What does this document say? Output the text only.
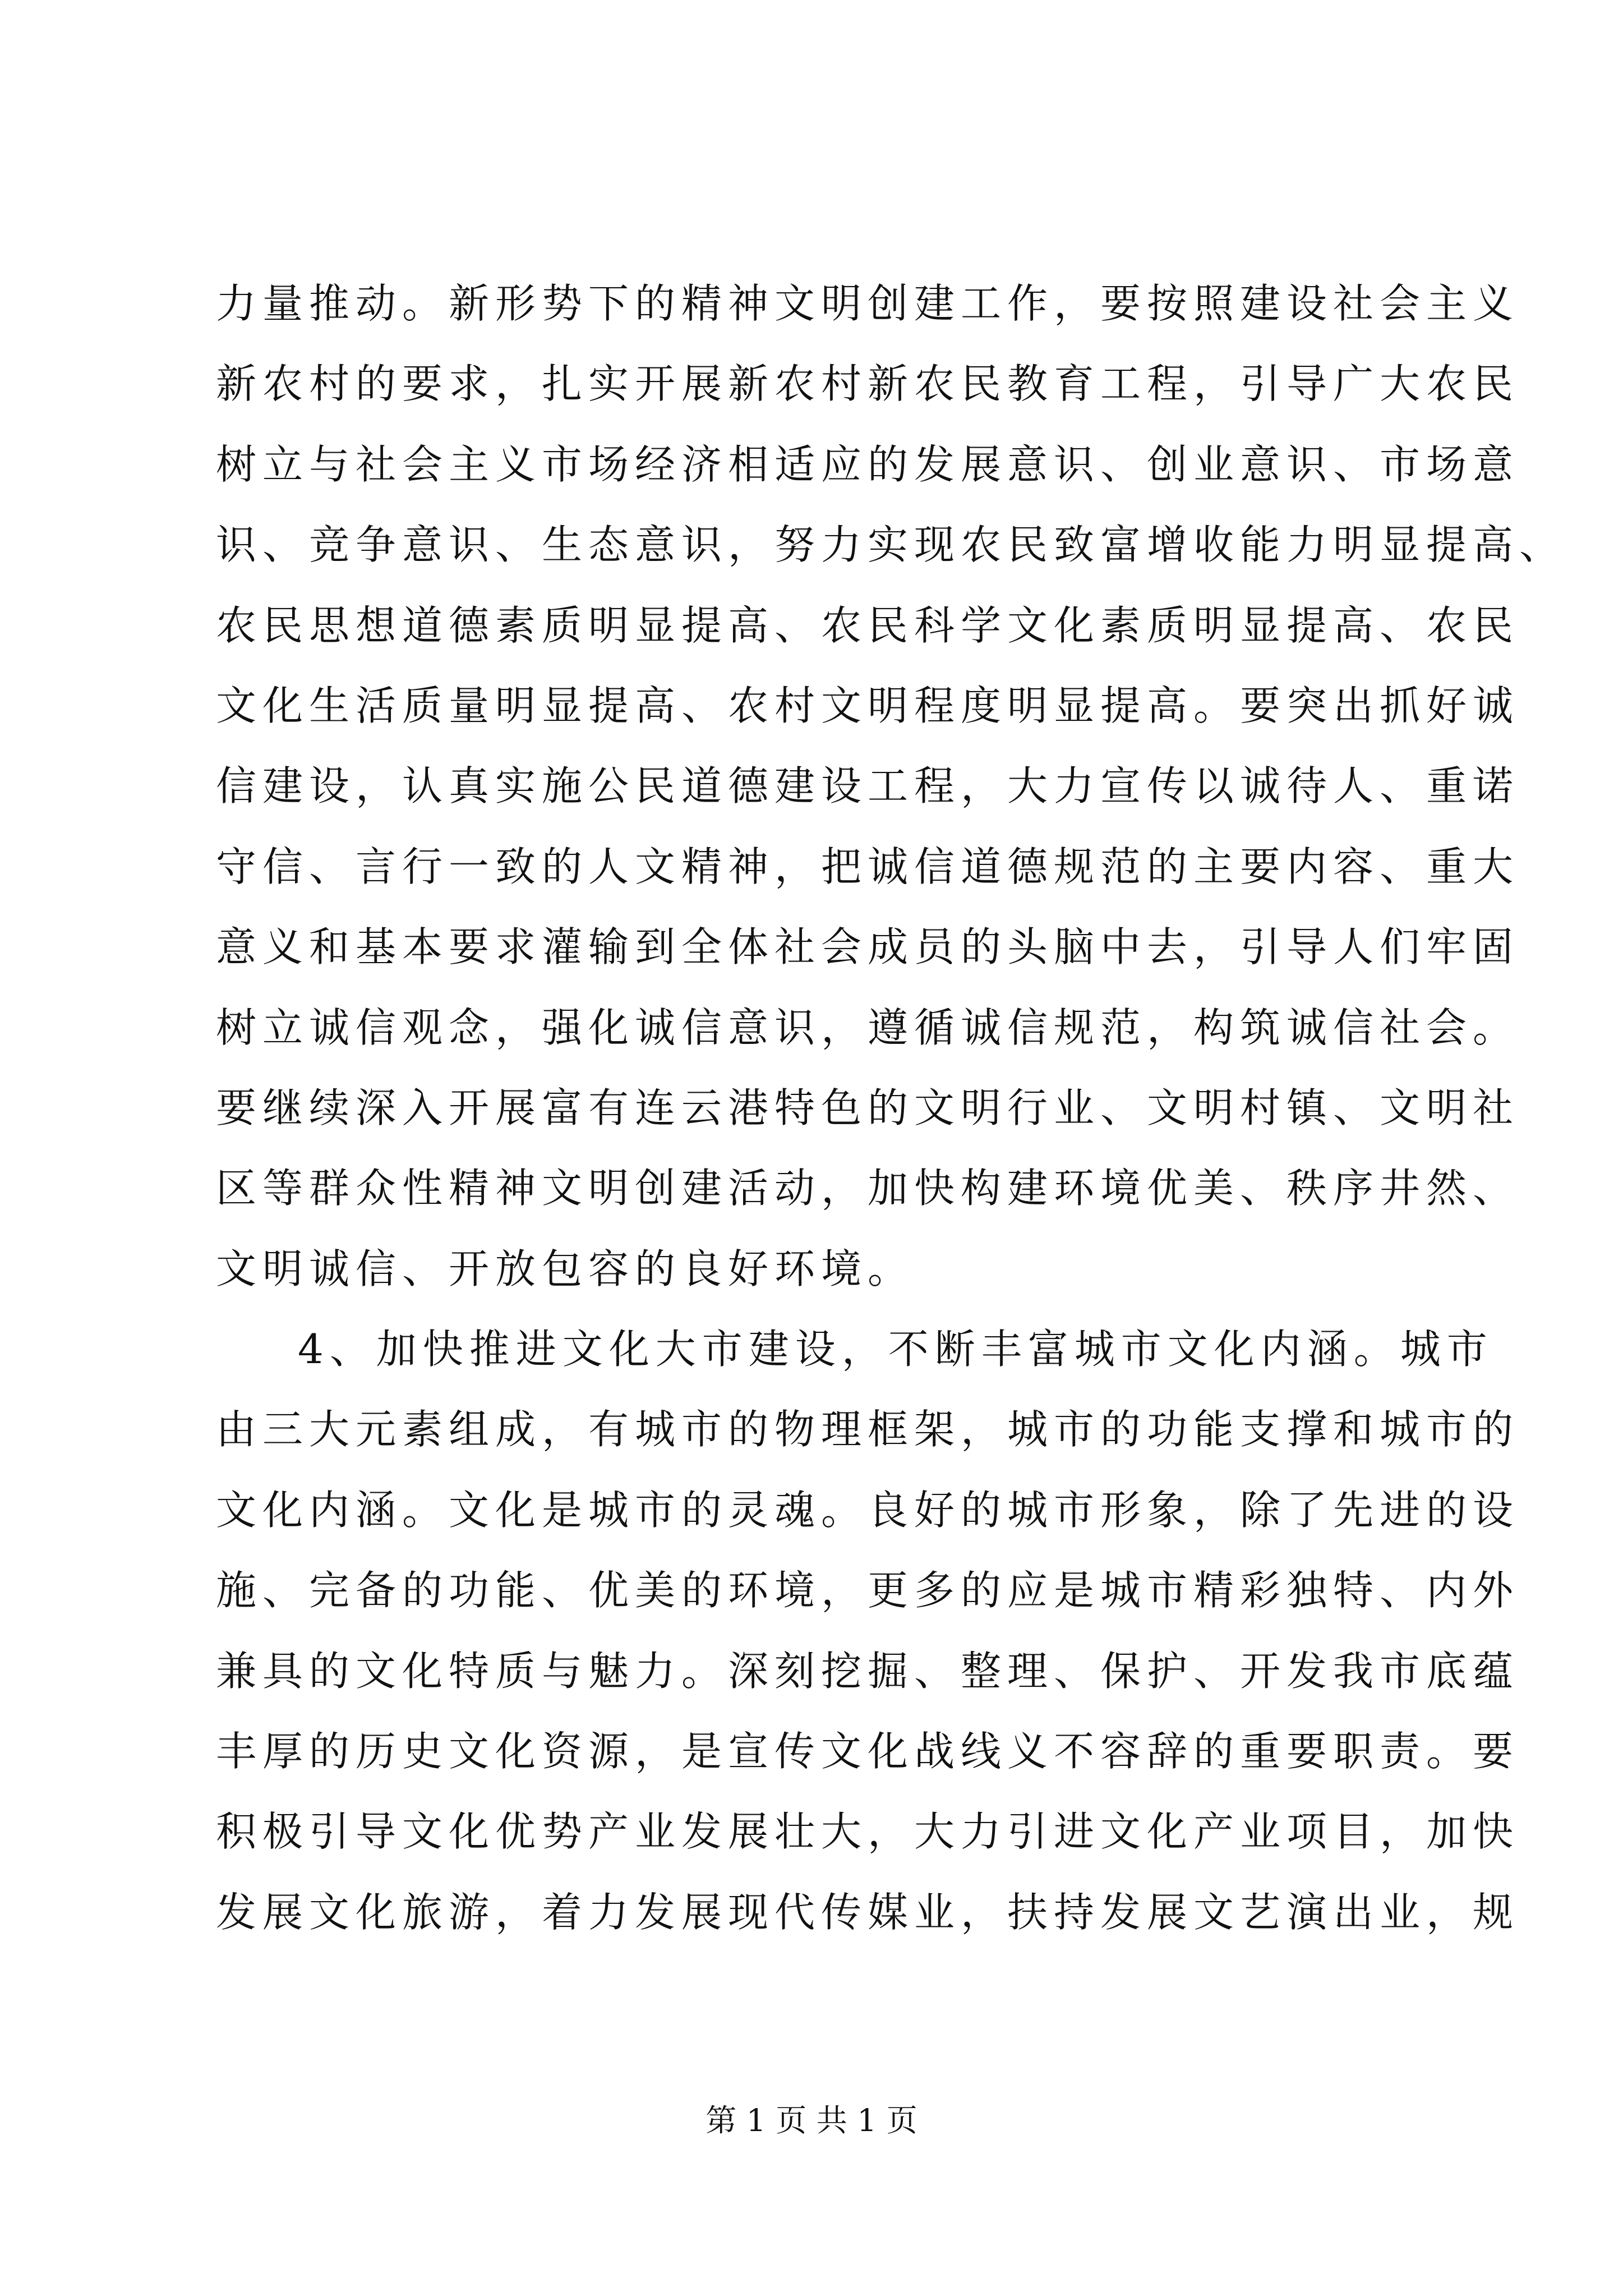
力量推动。新形势下的精神文明创建工作，要按照建设社会主义
新农村的要求，扎实开展新农村新农民教育工程，引导广大农民
树立与社会主义市场经济相适应的发展意识、创业意识、市场意
识、竞争意识、生态意识，努力实现农民致富增收能力明显提高、
农民思想道德素质明显提高、农民科学文化素质明显提高、农民
文化生活质量明显提高、农村文明程度明显提高。要突出抓好诚
信建设，认真实施公民道德建设工程，大力宣传以诚待人、重诺
守信、言行一致的人文精神，把诚信道德规范的主要内容、重大
意义和基本要求灌输到全体社会成员的头脑中去，引导人们牢固
树立诚信观念，强化诚信意识，遵循诚信规范，构筑诚信社会。
要继续深入开展富有连云港特色的文明行业、文明村镇、文明社
区等群众性精神文明创建活动，加快构建环境优美、秩序井然、
文明诚信、开放包容的良好环境。
4、加快推进文化大市建设，不断丰富城市文化内涵。城市
由三大元素组成，有城市的物理框架，城市的功能支撑和城市的
文化内涵。文化是城市的灵魂。良好的城市形象，除了先进的设
施、完备的功能、优美的环境，更多的应是城市精彩独特、内外
兼具的文化特质与魅力。深刻挖掘、整理、保护、开发我市底蕴
丰厚的历史文化资源，是宣传文化战线义不容辞的重要职责。要
积极引导文化优势产业发展壮大，大力引进文化产业项目，加快
发展文化旅游，着力发展现代传媒业，扶持发展文艺演出业，规
第 1 页 共 1 页
